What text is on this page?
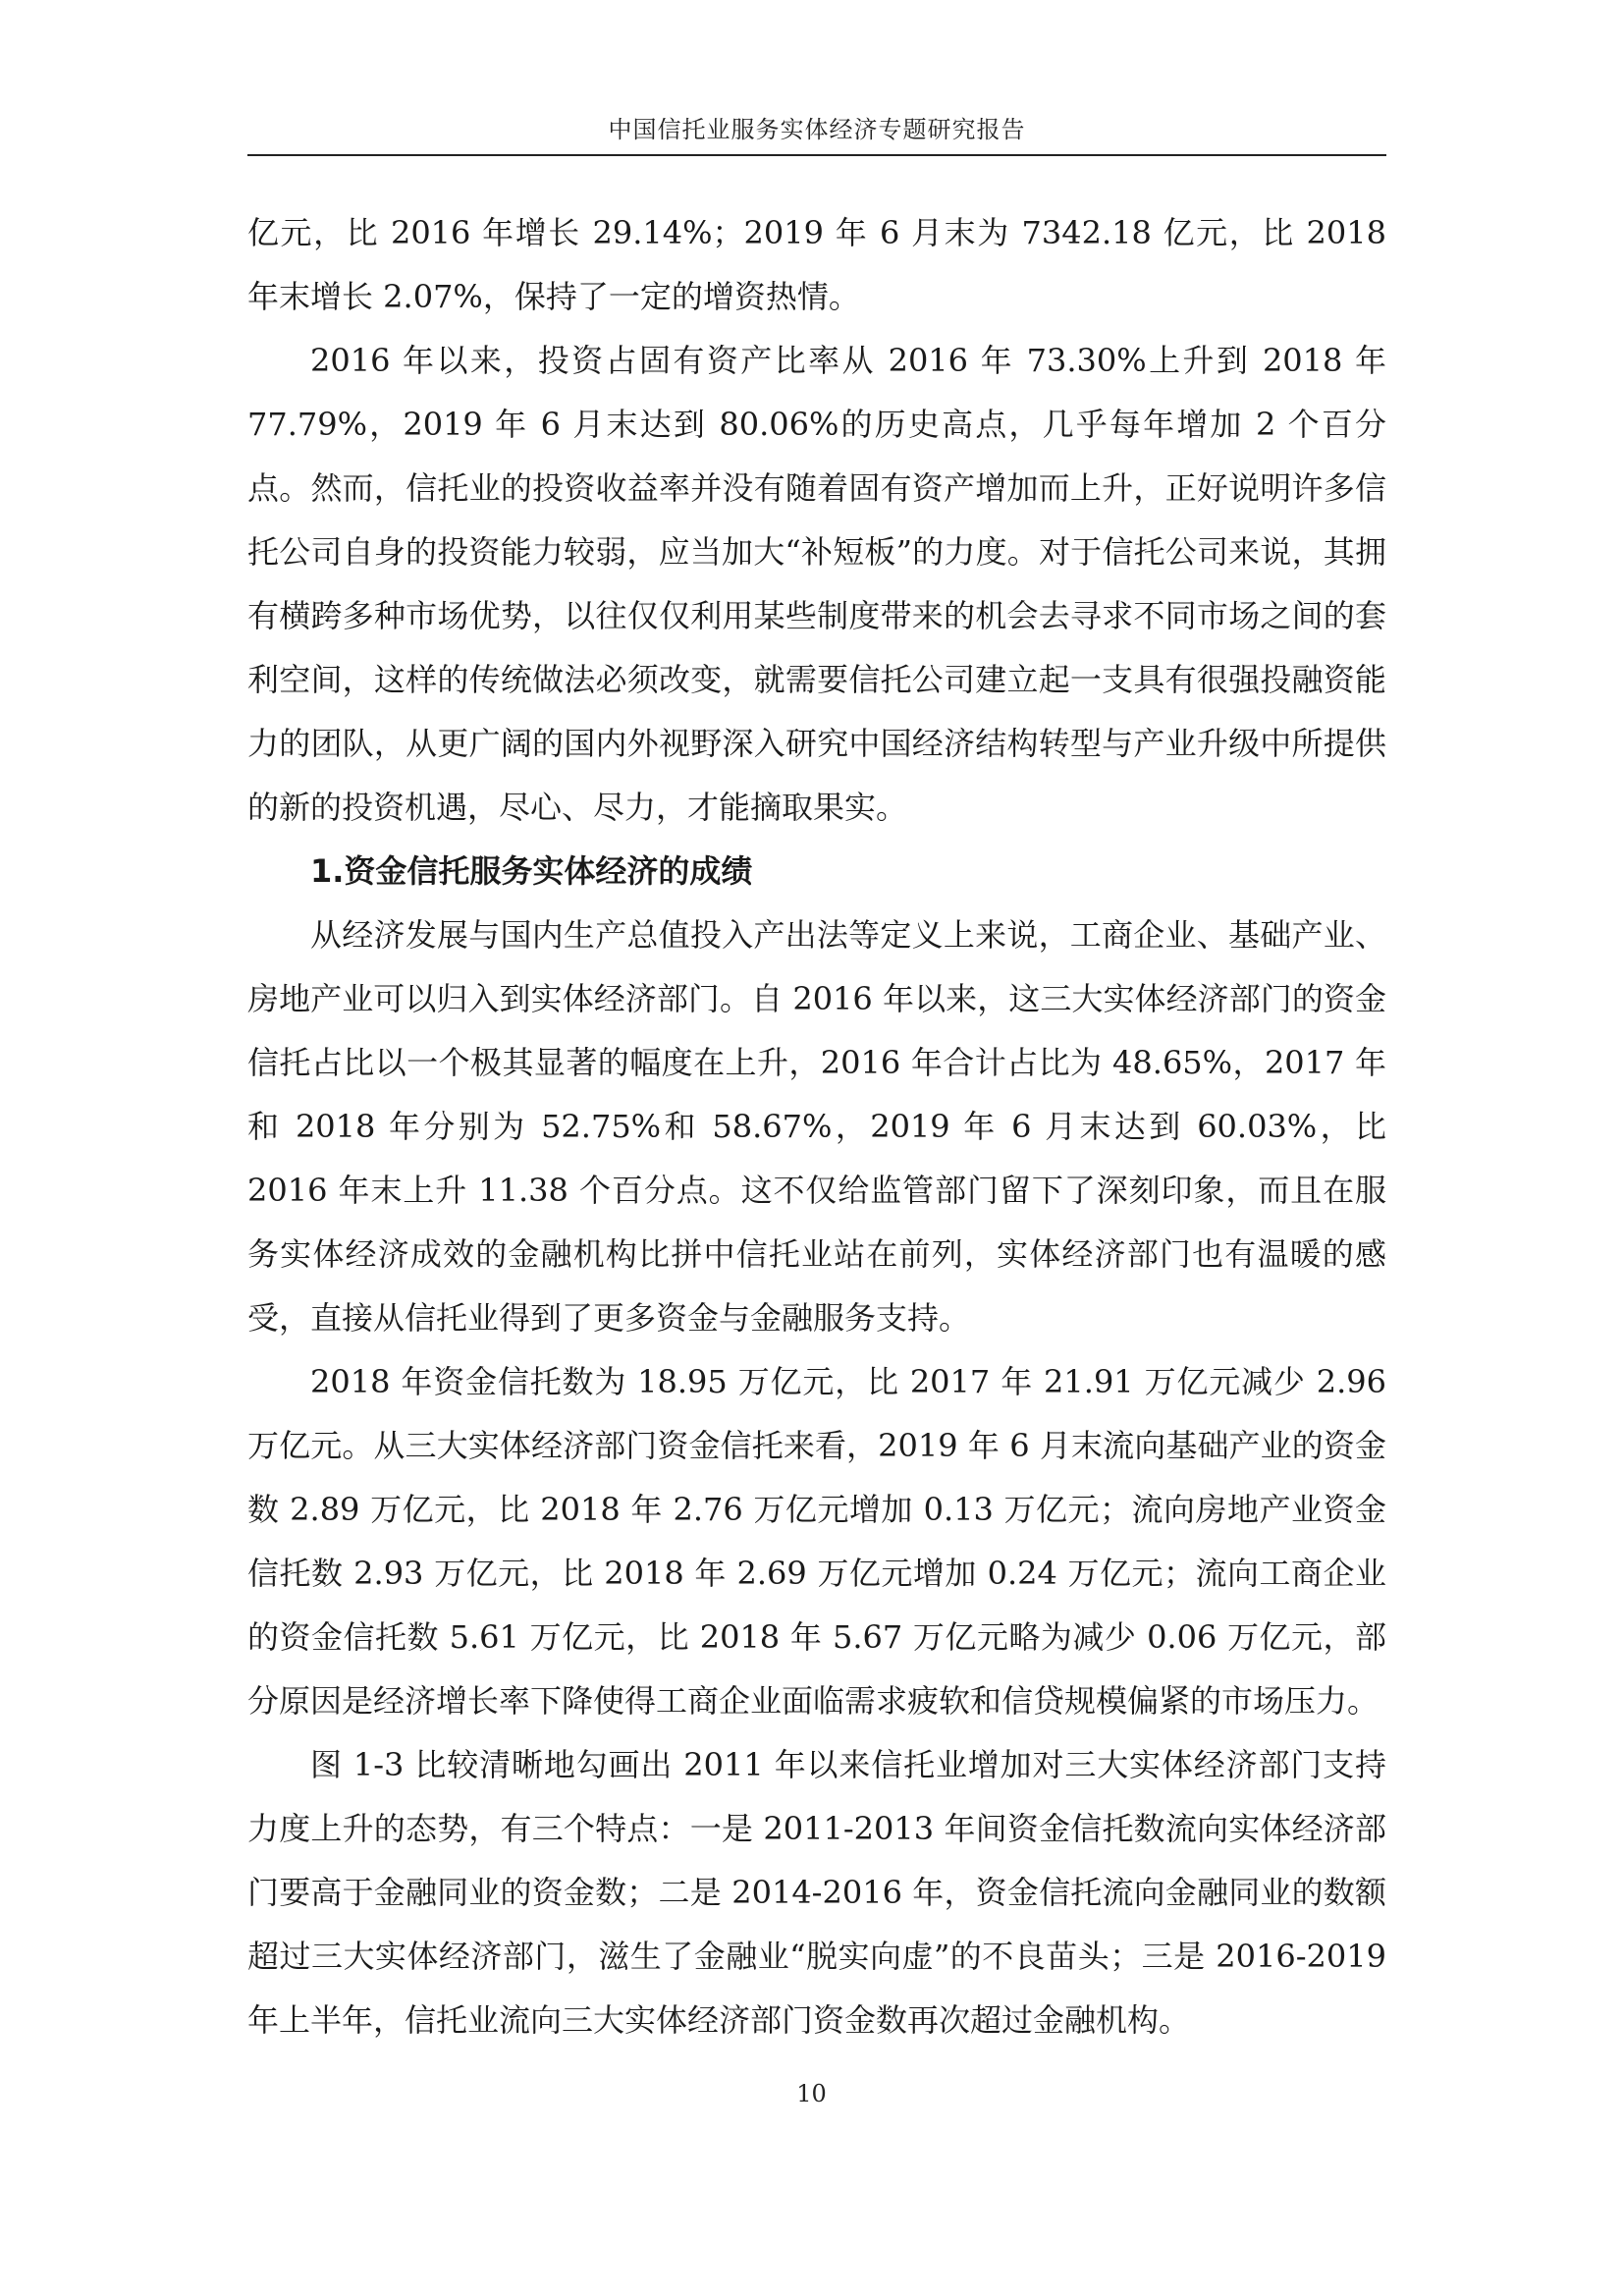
中国信托业服务实体经济专题研究报告

亿元，比 2016 年增长 29.14%；2019 年 6 月末为 7342.18 亿元，比 2018 年末增长 2.07%，保持了一定的增资热情。

2016 年以来，投资占固有资产比率从 2016 年 73.30%上升到 2018 年 77.79%，2019 年 6 月末达到 80.06%的历史高点，几乎每年增加 2 个百分点。然而，信托业的投资收益率并没有随着固有资产增加而上升，正好说明许多信托公司自身的投资能力较弱，应当加大“补短板”的力度。对于信托公司来说，其拥有横跨多种市场优势，以往仅仅利用某些制度带来的机会去寻求不同市场之间的套利空间，这样的传统做法必须改变，就需要信托公司建立起一支具有很强投融资能力的团队，从更广阔的国内外视野深入研究中国经济结构转型与产业升级中所提供的新的投资机遇，尽心、尽力，才能摘取果实。

1.资金信托服务实体经济的成绩

从经济发展与国内生产总值投入产出法等定义上来说，工商企业、基础产业、房地产业可以归入到实体经济部门。自 2016 年以来，这三大实体经济部门的资金信托占比以一个极其显著的幅度在上升，2016 年合计占比为 48.65%，2017 年和 2018 年分别为 52.75%和 58.67%，2019 年 6 月末达到 60.03%，比 2016 年末上升 11.38 个百分点。这不仅给监管部门留下了深刻印象，而且在服务实体经济成效的金融机构比拼中信托业站在前列，实体经济部门也有温暖的感受，直接从信托业得到了更多资金与金融服务支持。

2018 年资金信托数为 18.95 万亿元，比 2017 年 21.91 万亿元减少 2.96 万亿元。从三大实体经济部门资金信托来看，2019 年 6 月末流向基础产业的资金数 2.89 万亿元，比 2018 年 2.76 万亿元增加 0.13 万亿元；流向房地产业资金信托数 2.93 万亿元，比 2018 年 2.69 万亿元增加 0.24 万亿元；流向工商企业的资金信托数 5.61 万亿元，比 2018 年 5.67 万亿元略为减少 0.06 万亿元，部分原因是经济增长率下降使得工商企业面临需求疲软和信贷规模偏紧的市场压力。

图 1-3 比较清晰地勾画出 2011 年以来信托业增加对三大实体经济部门支持力度上升的态势，有三个特点：一是 2011-2013 年间资金信托数流向实体经济部门要高于金融同业的资金数；二是 2014-2016 年，资金信托流向金融同业的数额超过三大实体经济部门，滋生了金融业“脱实向虚”的不良苗头；三是 2016-2019 年上半年，信托业流向三大实体经济部门资金数再次超过金融机构。

10
